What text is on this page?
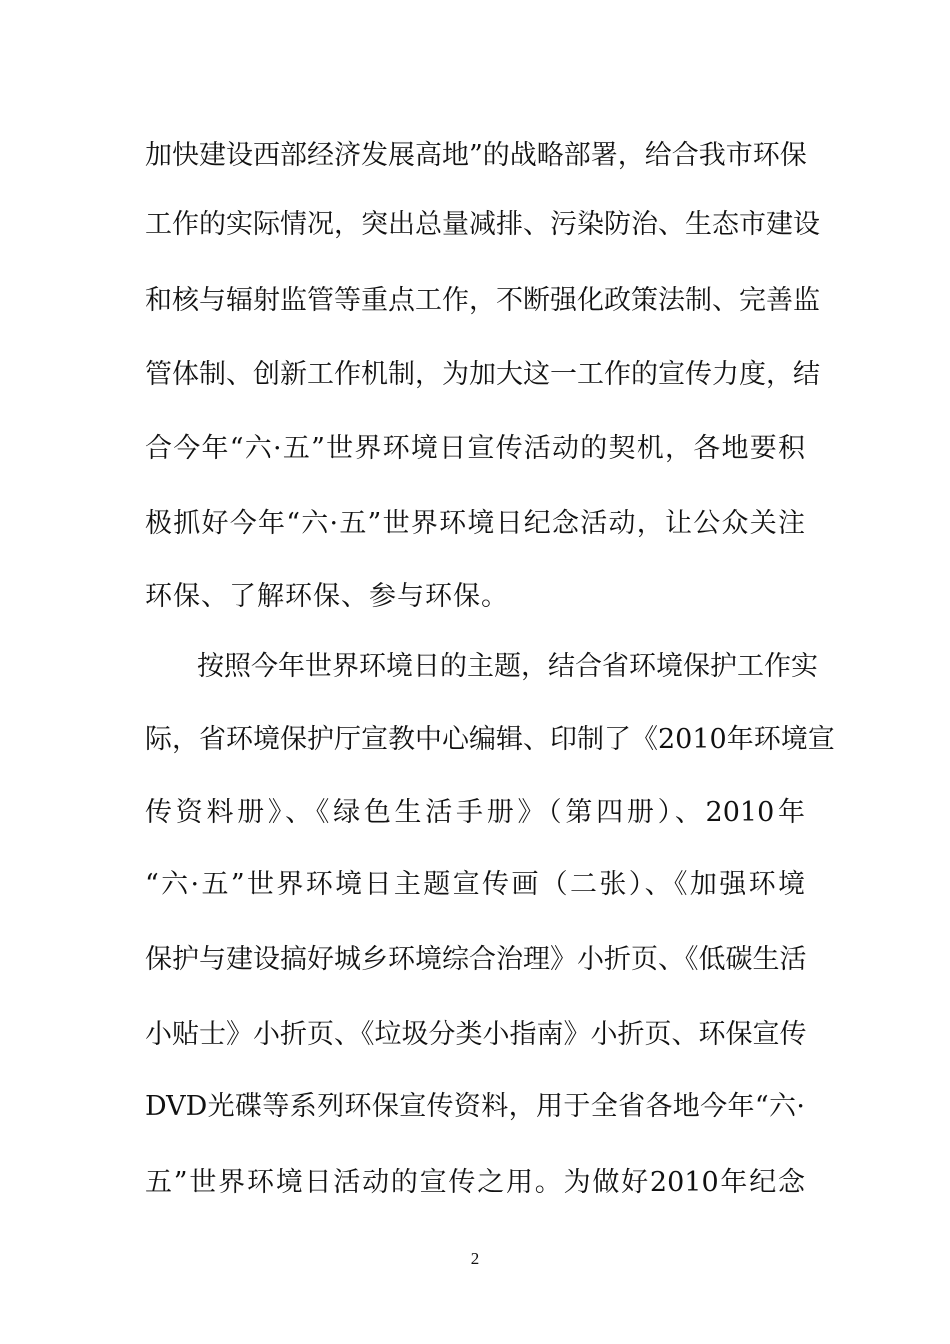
加快建设西部经济发展高地”的战略部署，给合我市环保
工作的实际情况，突出总量减排、污染防治、生态市建设
和核与辐射监管等重点工作，不断强化政策法制、完善监
管体制、创新工作机制，为加大这一工作的宣传力度，结
合今年“六·五”世界环境日宣传活动的契机，各地要积
极抓好今年“六·五”世界环境日纪念活动，让公众关注
环保、了解环保、参与环保。
按照今年世界环境日的主题，结合省环境保护工作实
际，省环境保护厅宣教中心编辑、印制了《2010年环境宣
传资料册》、《绿色生活手册》（第四册）、2010年
“六·五”世界环境日主题宣传画（二张）、《加强环境
保护与建设搞好城乡环境综合治理》小折页、《低碳生活
小贴士》小折页、《垃圾分类小指南》小折页、环保宣传
DVD光碟等系列环保宣传资料，用于全省各地今年“六·
五”世界环境日活动的宣传之用。为做好2010年纪念
2
